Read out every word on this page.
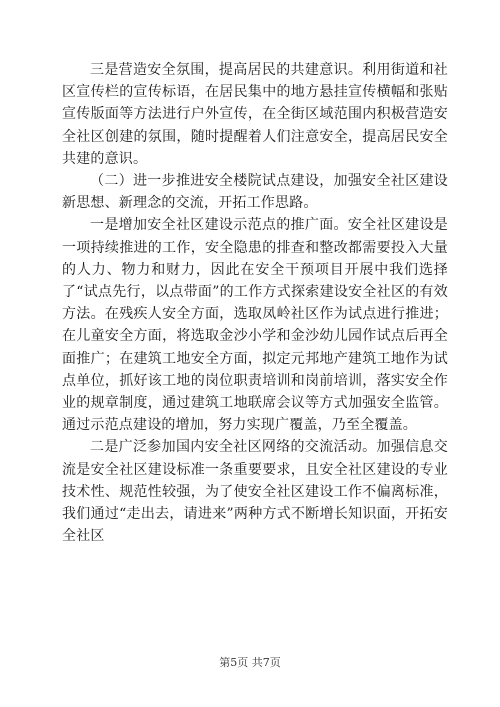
三是营造安全氛围，提高居民的共建意识。利用街道和社区宣传栏的宣传标语，在居民集中的地方悬挂宣传横幅和张贴宣传版面等方法进行户外宣传，在全街区域范围内积极营造安全社区创建的氛围，随时提醒着人们注意安全，提高居民安全共建的意识。

（二）进一步推进安全楼院试点建设，加强安全社区建设新思想、新理念的交流，开拓工作思路。

一是增加安全社区建设示范点的推广面。安全社区建设是一项持续推进的工作，安全隐患的排查和整改都需要投入大量的人力、物力和财力，因此在安全干预项目开展中我们选择了“试点先行，以点带面”的工作方式探索建设安全社区的有效方法。在残疾人安全方面，选取凤岭社区作为试点进行推进；在儿童安全方面，将选取金沙小学和金沙幼儿园作试点后再全面推广；在建筑工地安全方面，拟定元邦地产建筑工地作为试点单位，抓好该工地的岗位职责培训和岗前培训，落实安全作业的规章制度，通过建筑工地联席会议等方式加强安全监管。通过示范点建设的增加，努力实现广覆盖，乃至全覆盖。

二是广泛参加国内安全社区网络的交流活动。加强信息交流是安全社区建设标准一条重要要求，且安全社区建设的专业技术性、规范性较强，为了使安全社区建设工作不偏离标准，我们通过“走出去，请进来”两种方式不断增长知识面，开拓安全社区

第5页 共7页
